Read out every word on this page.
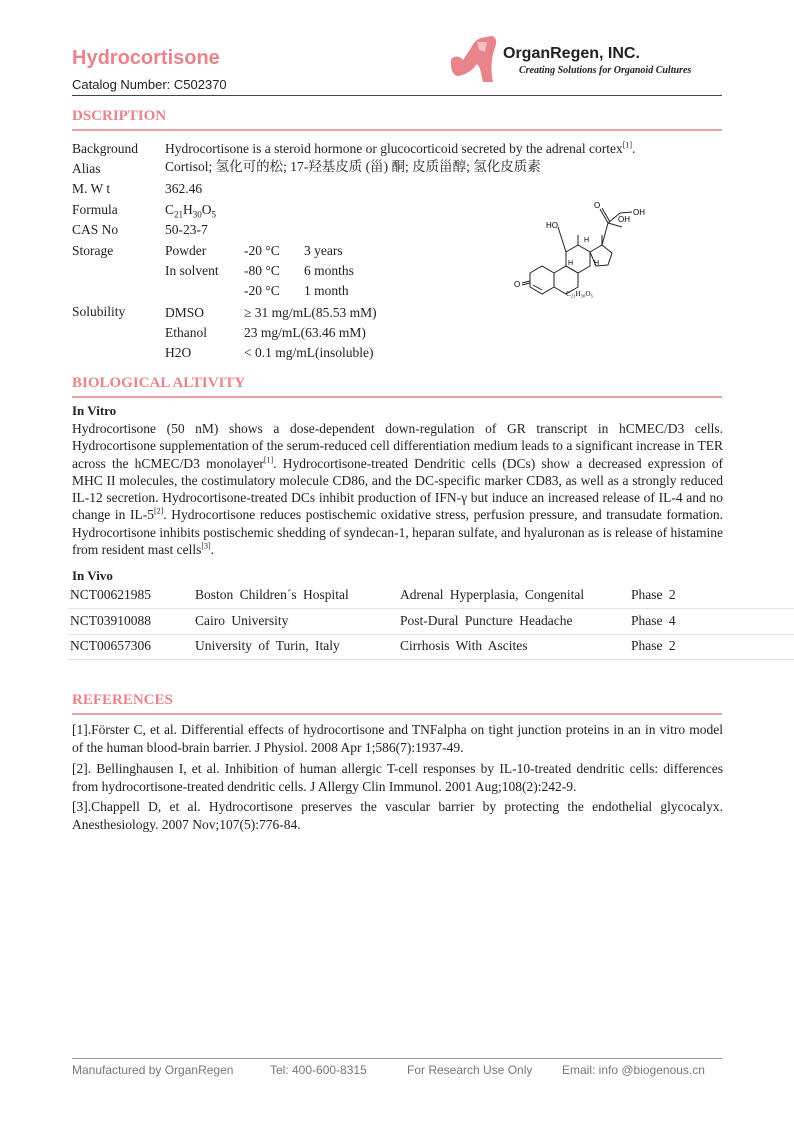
Hydrocortisone
Catalog Number: C502370
OrganRegen, INC.
Creating Solutions for Organoid Cultures
DSCRIPTION
Background Hydrocortisone is a steroid hormone or glucocorticoid secreted by the adrenal cortex[1].
Alias	Cortisol; 氢化可的松; 17-羟基皮质 (甾) 酮; 皮质甾醇; 氢化皮质素
M. W t	362.46
Formula	$C_{21}H_{30}O_5$
CAS No	50-23-7
Storage	Powder	-20 °C 3 years
In solvent -80 °C 6 months
-20 °C 1 month
Solubility	DMSO	≥ 31 mg/mL(85.53 mM)
Ethanol	23 mg/mL(63.46 mM)
H2O	< 0.1 mg/mL(insoluble)
O
HO
O
OH
OH
H
H	H
C₂₁H₃₀O₅
BIOLOGICAL ALTIVITY
In Vitro
Hydrocortisone (50 nM) shows a dose-dependent down-regulation of GR transcript in hCMEC/D3 cells. Hydrocortisone supplementation of the serum-reduced cell differentiation medium leads to a significant increase in TER across the hCMEC/D3 monolayer[1]. Hydrocortisone-treated Dendritic cells (DCs) show a decreased expression of MHC II molecules, the costimulatory molecule CD86, and the DC-specific marker CD83, as well as a strongly reduced IL-12 secretion. Hydrocortisone-treated DCs inhibit production of IFN-γ but induce an increased release of IL-4 and no change in IL-5[2]. Hydrocortisone reduces postischemic oxidative stress, perfusion pressure, and transudate formation. Hydrocortisone inhibits postischemic shedding of syndecan-1, heparan sulfate, and hyaluronan as is release of histamine from resident mast cells[3].
In Vivo
NCT00621985	Boston Children´s Hospital	Adrenal Hyperplasia, Congenital	Phase 2
NCT03910088	Cairo University	Post-Dural Puncture Headache	Phase 4
NCT00657306	University of Turin, Italy	Cirrhosis With Ascites	Phase 2
REFERENCES
[1].Förster C, et al. Differential effects of hydrocortisone and TNFalpha on tight junction proteins in an in vitro model of the human blood-brain barrier. J Physiol. 2008 Apr 1;586(7):1937-49.
[2]. Bellinghausen I, et al. Inhibition of human allergic T-cell responses by IL-10-treated dendritic cells: differences from hydrocortisone-treated dendritic cells. J Allergy Clin Immunol. 2001 Aug;108(2):242-9.
[3].Chappell D, et al. Hydrocortisone preserves the vascular barrier by protecting the endothelial glycocalyx. Anesthesiology. 2007 Nov;107(5):776-84.
Manufactured by OrganRegen	Tel: 400-600-8315	For Research Use Only Email: info @biogenous.cn
